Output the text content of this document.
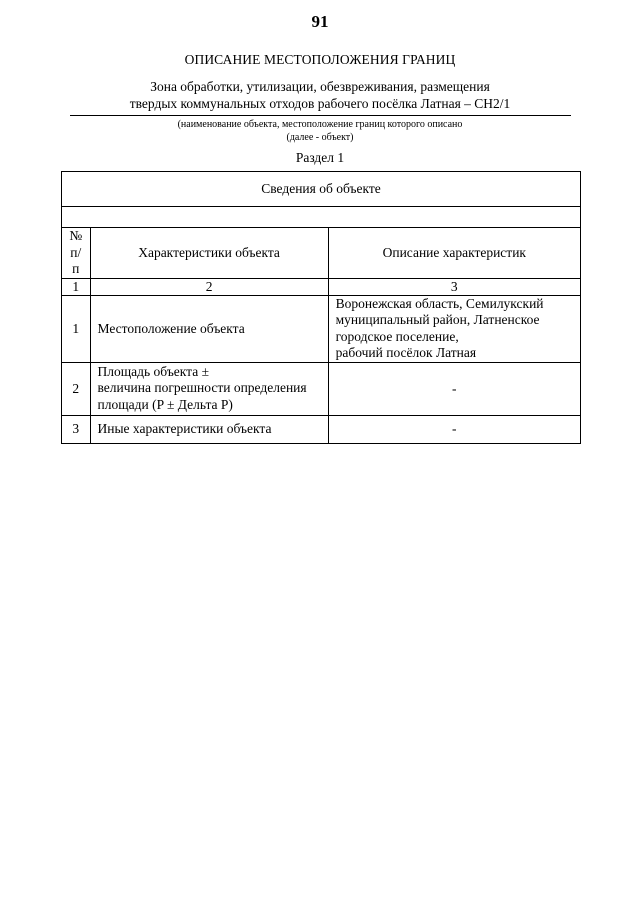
91
ОПИСАНИЕ МЕСТОПОЛОЖЕНИЯ ГРАНИЦ
Зона обработки, утилизации, обезвреживания, размещения
твердых коммунальных отходов рабочего посёлка Латная – СН2/1
(наименование объекта, местоположение границ которого описано
(далее - объект)
Раздел 1
Сведения об объекте		

№
п/п	Характеристики объекта	Описание характеристик
1	2	3
1	Местоположение объекта	Воронежская область, Семилукский
муниципальный район, Латненское
городское поселение,
рабочий посёлок Латная

2	Площадь объекта ±
величина погрешности определения
площади (P ± Дельта P)	-
3	Иные характеристики объекта	-
